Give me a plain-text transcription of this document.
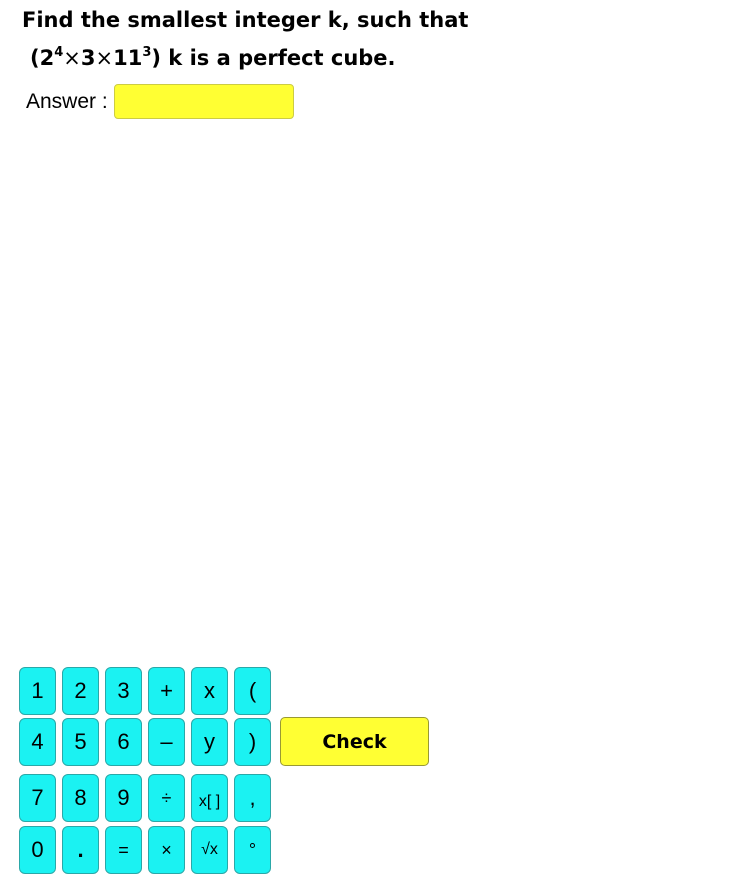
Find the smallest integer k, such that
$(2^4\times 3\times 11^3)$ k is a perfect cube.
Answer :
1	2	3	+	x	(
4	5	6	–	y	)
7	8	9	÷	x[ ]	,
0	.	=	×	√x	°
Check
